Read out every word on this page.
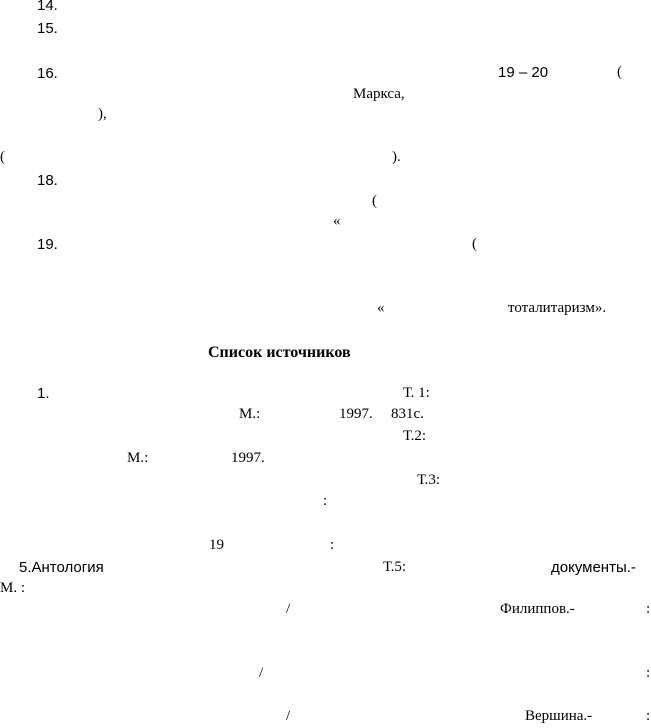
14.
15.
16.	19 – 20	(
Маркса,
),
(	).
18.
(
«
19.	(
«	тоталитаризм».
Список источников
1.	Т. 1:
М.:	1997. 831с.
Т.2:
М.:	1997.
Т.3:
:
19	:
5.Антология	Т.5:	документы.-
М. :
/	Филиппов.-	:
/	:
/	Вершина.-	:
